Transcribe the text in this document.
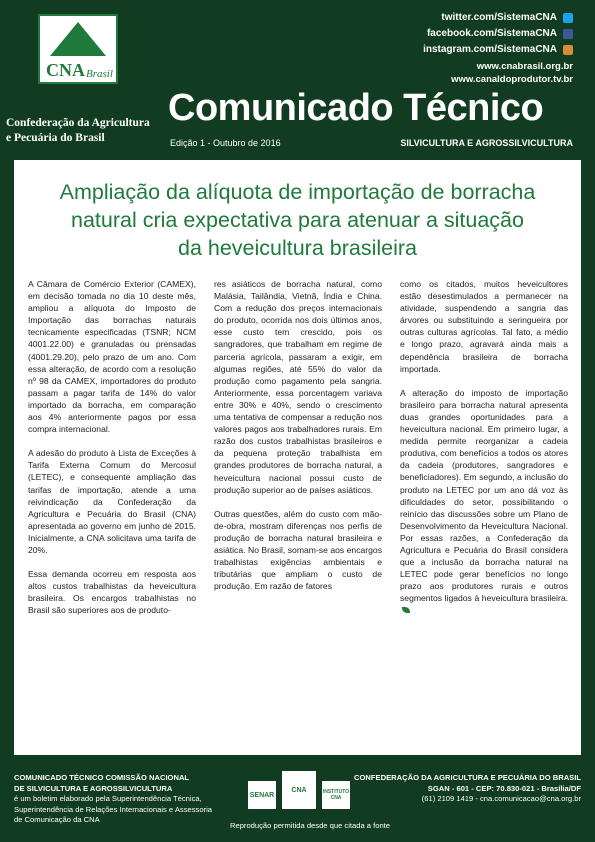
CNA Brasil
Confederação da Agricultura
e Pecuária do Brasil
twitter.com/SistemaCNA
facebook.com/SistemaCNA
instagram.com/SistemaCNA
www.cnabrasil.org.br
www.canaldoprodutor.tv.br
Comunicado Técnico
Edição 1 - Outubro de 2016	SILVICULTURA E AGROSSILVICULTURA
Ampliação da alíquota de importação de borracha
natural cria expectativa para atenuar a situação
da heveicultura brasileira

A Câmara de Comércio Exterior (CAMEX), em decisão tomada no dia 10 deste mês, ampliou a alíquota do Imposto de Importação das borrachas naturais tecnicamente especificadas (TSNR; NCM 4001.22.00) e granuladas ou prensadas (4001.29.20), pelo prazo de um ano. Com essa alteração, de acordo com a resolução nº 98 da CAMEX, importadores do produto passam a pagar tarifa de 14% do valor importado da borracha, em comparação aos 4% anteriormente pagos por essa compra internacional.

A adesão do produto à Lista de Exceções à Tarifa Externa Comum do Mercosul (LETEC), e consequente ampliação das tarifas de importação, atende a uma reivindicação da Confederação da Agricultura e Pecuária do Brasil (CNA) apresentada ao governo em junho de 2015. Inicialmente, a CNA solicitava uma tarifa de 20%.

Essa demanda ocorreu em resposta aos altos custos trabalhistas da heveicultura brasileira. Os encargos trabalhistas no Brasil são superiores aos de produto-

res asiáticos de borracha natural, como Malásia, Tailândia, Vietnã, Índia e China. Com a redução dos preços internacionais do produto, ocorrida nos dois últimos anos, esse custo tem crescido, pois os sangradores, que trabalham em regime de parceria agrícola, passaram a exigir, em algumas regiões, até 55% do valor da produção como pagamento pela sangria. Anteriormente, essa porcentagem variava entre 30% e 40%, sendo o crescimento uma tentativa de compensar a redução nos valores pagos aos trabalhadores rurais. Em razão dos custos trabalhistas brasileiros e da pequena proteção trabalhista em grandes produtores de borracha natural, a heveicultura nacional possui custo de produção superior ao de países asiáticos.

Outras questões, além do custo com mão-de-obra, mostram diferenças nos perfis de produção de borracha natural brasileira e asiática. No Brasil, somam-se aos encargos trabalhistas exigências ambientais e tributárias que ampliam o custo de produção. Em razão de fatores

como os citados, muitos heveicultores estão desestimulados a permanecer na atividade, suspendendo a sangria das árvores ou substituindo a seringueira por outras culturas agrícolas. Tal fato, a médio e longo prazo, agravará ainda mais a dependência brasileira de borracha importada.

A alteração do imposto de importação brasileiro para borracha natural apresenta duas grandes oportunidades para a heveicultura nacional. Em primeiro lugar, a medida permite reorganizar a cadeia produtiva, com benefícios a todos os atores da cadeia (produtores, sangradores e beneficiadores). Em segundo, a inclusão do produto na LETEC por um ano dá voz às dificuldades do setor, possibilitando o reinício das discussões sobre um Plano de Desenvolvimento da Heveicultura Nacional. Por essas razões, a Confederação da Agricultura e Pecuária do Brasil considera que a inclusão da borracha natural na LETEC pode gerar benefícios no longo prazo aos produtores rurais e outros segmentos ligados à heveicultura brasileira.

COMUNICADO TÉCNICO COMISSÃO NACIONAL
DE SILVICULTURA E AGROSSILVICULTURA
é um boletim elaborado pela Superintendência Técnica, Superintendência de Relações Internacionais e Assessoria de Comunicação da CNA
SENAR
CNA	INSTITUTO CNA
Reprodução permitida desde que citada a fonte
CONFEDERAÇÃO DA AGRICULTURA E PECUÁRIA DO BRASIL
SGAN - 601 - CEP: 70.830-021 - Brasília/DF
(61) 2109 1419 - cna.comunicacao@cna.org.br
